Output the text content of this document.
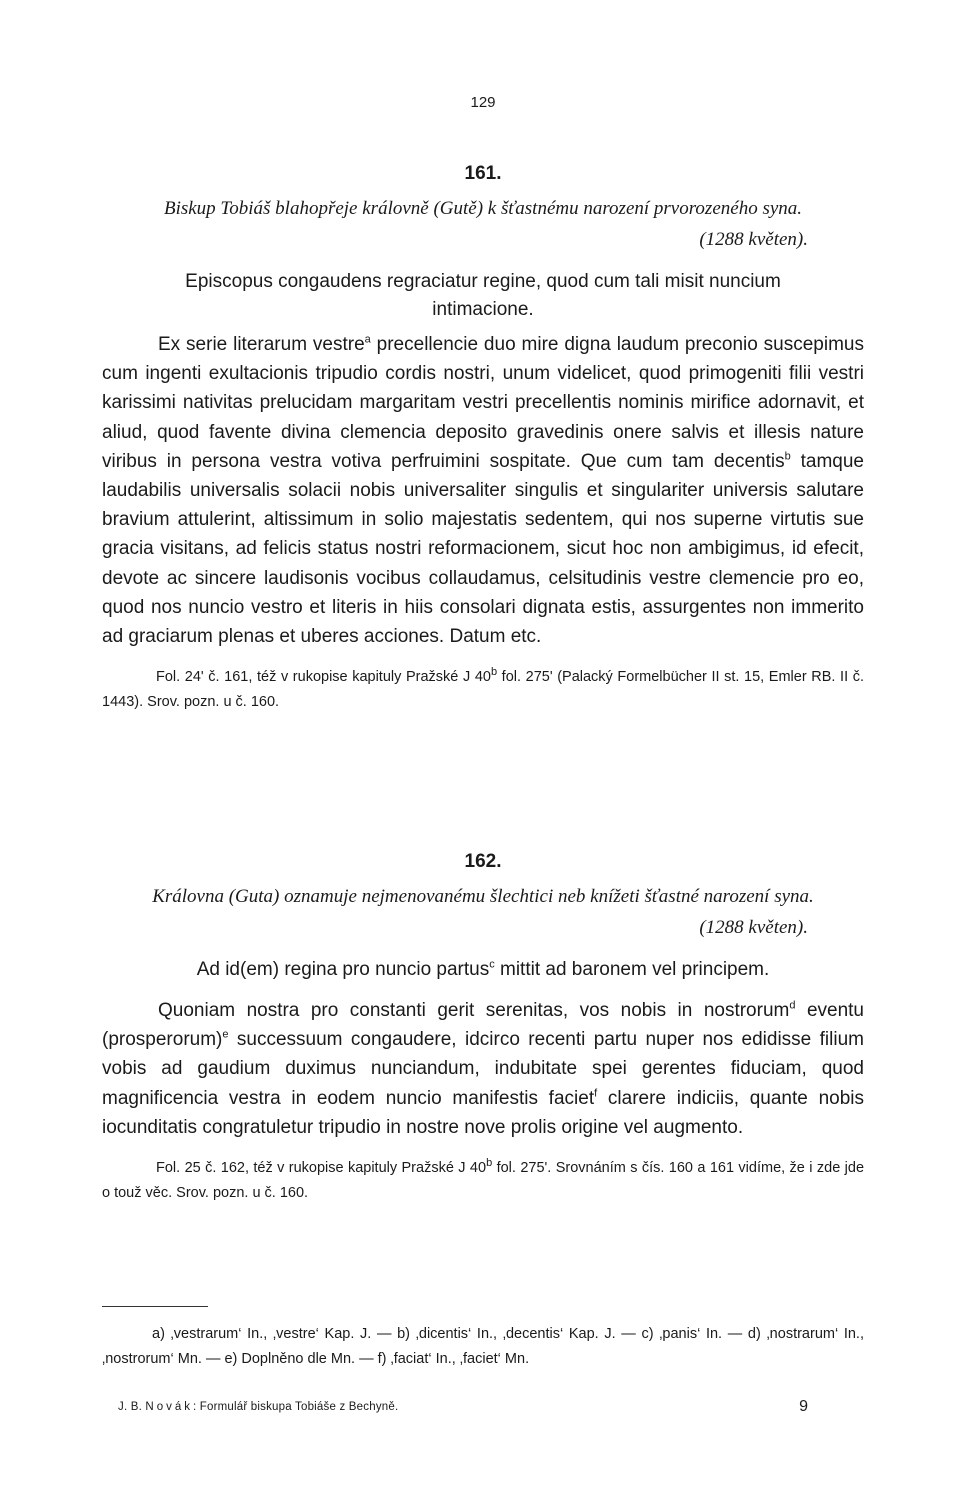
129
161.

Biskup Tobiáš blahopřeje královně (Gutě) k šťastnému narození prvorozeného syna.

(1288 květen).

Episcopus congaudens regraciatur regine, quod cum tali misit nuncium intimacione.

Ex serie literarum vestre$^a$ precellencie duo mire digna laudum preconio suscepimus cum ingenti exultacionis tripudio cordis nostri, unum videlicet, quod primogeniti filii vestri karissimi nativitas prelucidam margaritam vestri precellentis nominis mirifice adornavit, et aliud, quod favente divina clemencia deposito gravedinis onere salvis et illesis nature viribus in persona vestra votiva perfruimini sospitate. Que cum tam decentis$^b$ tamque laudabilis universalis solacii nobis universaliter singulis et singulariter universis salutare bravium attulerint, altissimum in solio majestatis sedentem, qui nos superne virtutis sue gracia visitans, ad felicis status nostri reformacionem, sicut hoc non ambigimus, id efecit, devote ac sincere laudisonis vocibus collaudamus, celsitudinis vestre clemencie pro eo, quod nos nuncio vestro et literis in hiis consolari dignata estis, assurgentes non immerito ad graciarum plenas et uberes acciones. Datum etc.

Fol. 24' č. 161, též v rukopise kapituly Pražské J 40$^b$ fol. 275' (Palacký Formelbücher II st. 15, Emler RB. II č. 1443). Srov. pozn. u č. 160.

162.

Královna (Guta) oznamuje nejmenovanému šlechtici neb knížeti šťastné narození syna.

(1288 květen).

Ad id(em) regina pro nuncio partus$^c$ mittit ad baronem vel principem.

Quoniam nostra pro constanti gerit serenitas, vos nobis in nostrorum$^d$ eventu (prosperorum)$^e$ successuum congaudere, idcirco recenti partu nuper nos edidisse filium vobis ad gaudium duximus nunciandum, indubitate spei gerentes fiduciam, quod magnificencia vestra in eodem nuncio manifestis faciet$^f$ clarere indiciis, quante nobis iocunditatis congratuletur tripudio in nostre nove prolis origine vel augmento.

Fol. 25 č. 162, též v rukopise kapituly Pražské J 40$^b$ fol. 275'. Srovnáním s čís. 160 a 161 vidíme, že i zde jde o touž věc. Srov. pozn. u č. 160.

a) ‚vestrarum‘ In., ‚vestre‘ Kap. J. — b) ‚dicentis‘ In., ‚decentis‘ Kap. J. — c) ‚panis‘ In. — d) ‚nostrarum‘ In., ‚nostrorum‘ Mn. — e) Doplněno dle Mn. — f) ‚faciat‘ In., ‚faciet‘ Mn.

J. B. Novák: Formulář biskupa Tobiáše z Bechyně.	9
